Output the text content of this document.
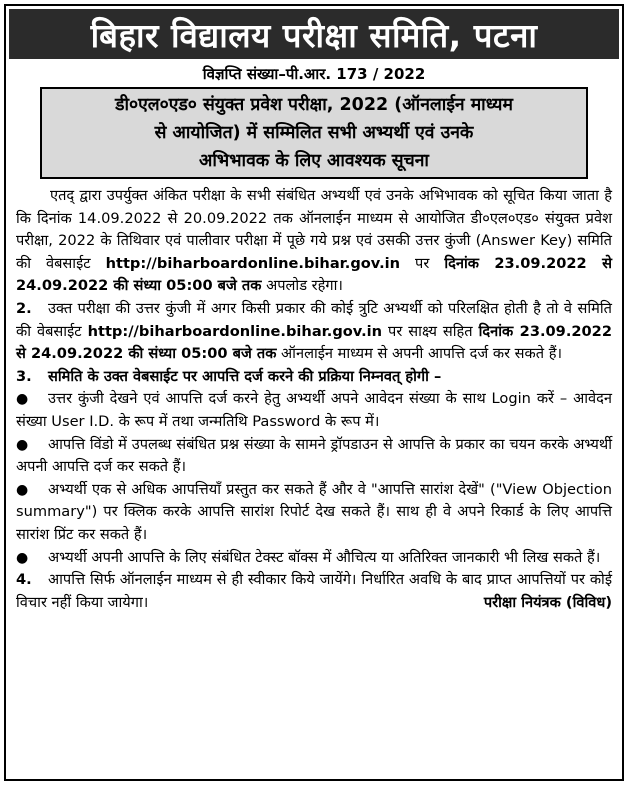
बिहार विद्यालय परीक्षा समिति, पटना
विज्ञप्ति संख्या–पी.आर. 173 / 2022
डी०एल०एड० संयुक्त प्रवेश परीक्षा, 2022 (ऑनलाईन माध्यम
से आयोजित) में सम्मिलित सभी अभ्यर्थी एवं उनके
अभिभावक के लिए आवश्यक सूचना

एतद् द्वारा उपर्युक्त अंकित परीक्षा के सभी संबंधित अभ्यर्थी एवं उनके अभिभावक को सूचित किया जाता है कि दिनांक 14.09.2022 से 20.09.2022 तक ऑनलाईन माध्यम से आयोजित डी०एल०एड० संयुक्त प्रवेश परीक्षा, 2022 के तिथिवार एवं पालीवार परीक्षा में पूछे गये प्रश्न एवं उसकी उत्तर कुंजी (Answer Key) समिति की वेबसाईट http://biharboardonline.bihar.gov.in पर दिनांक 23.09.2022 से 24.09.2022 की संध्या 05:00 बजे तक अपलोड रहेगा।

2. उक्त परीक्षा की उत्तर कुंजी में अगर किसी प्रकार की कोई त्रुटि अभ्यर्थी को परिलक्षित होती है तो वे समिति की वेबसाईट http://biharboardonline.bihar.gov.in पर साक्ष्य सहित दिनांक 23.09.2022 से 24.09.2022 की संध्या 05:00 बजे तक ऑनलाईन माध्यम से अपनी आपत्ति दर्ज कर सकते हैं।

3. समिति के उक्त वेबसाईट पर आपत्ति दर्ज करने की प्रक्रिया निम्नवत् होगी –

● उत्तर कुंजी देखने एवं आपत्ति दर्ज करने हेतु अभ्यर्थी अपने आवेदन संख्या के साथ Login करें – आवेदन संख्या User I.D. के रूप में तथा जन्मतिथि Password के रूप में।

● आपत्ति विंडो में उपलब्ध संबंधित प्रश्न संख्या के सामने ड्रॉपडाउन से आपत्ति के प्रकार का चयन करके अभ्यर्थी अपनी आपत्ति दर्ज कर सकते हैं।

● अभ्यर्थी एक से अधिक आपत्तियाँ प्रस्तुत कर सकते हैं और वे "आपत्ति सारांश देखें" ("View Objection summary") पर क्लिक करके आपत्ति सारांश रिपोर्ट देख सकते हैं। साथ ही वे अपने रिकार्ड के लिए आपत्ति सारांश प्रिंट कर सकते हैं।

● अभ्यर्थी अपनी आपत्ति के लिए संबंधित टेक्स्ट बॉक्स में औचित्य या अतिरिक्त जानकारी भी लिख सकते हैं।

4. आपत्ति सिर्फ ऑनलाईन माध्यम से ही स्वीकार किये जायेंगे। निर्धारित अवधि के बाद प्राप्त आपत्तियों पर कोई विचार नहीं किया जायेगा।	परीक्षा नियंत्रक (विविध)
